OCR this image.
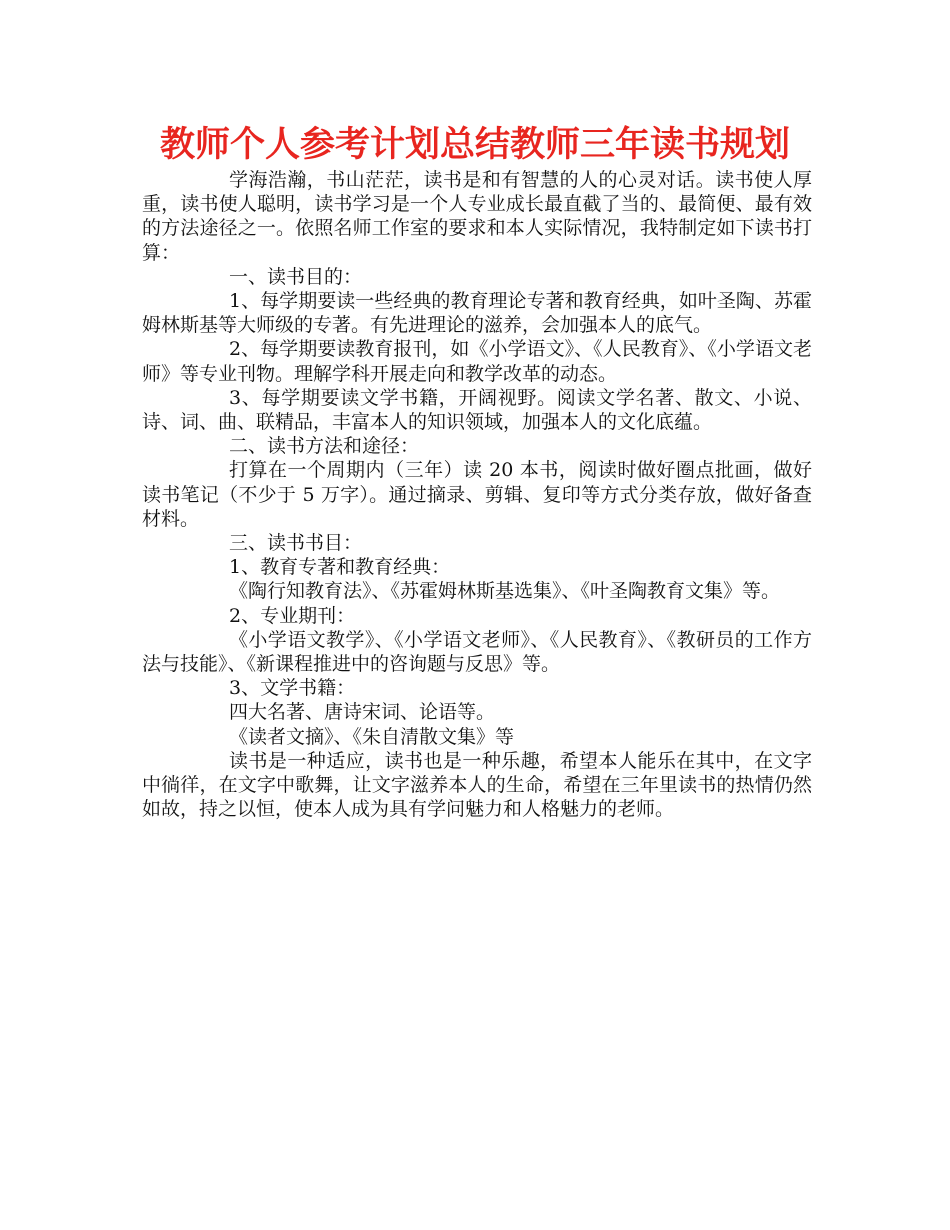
教师个人参考计划总结教师三年读书规划

学海浩瀚，书山茫茫，读书是和有智慧的人的心灵对话。读书使人厚重，读书使人聪明，读书学习是一个人专业成长最直截了当的、最简便、最有效的方法途径之一。依照名师工作室的要求和本人实际情况，我特制定如下读书打算：

一、读书目的：

1、每学期要读一些经典的教育理论专著和教育经典，如叶圣陶、苏霍姆林斯基等大师级的专著。有先进理论的滋养，会加强本人的底气。

2、每学期要读教育报刊，如《小学语文》、《人民教育》、《小学语文老师》等专业刊物。理解学科开展走向和教学改革的动态。

3、每学期要读文学书籍，开阔视野。阅读文学名著、散文、小说、诗、词、曲、联精品，丰富本人的知识领域，加强本人的文化底蕴。

二、读书方法和途径：

打算在一个周期内（三年）读 20 本书，阅读时做好圈点批画，做好读书笔记（不少于 5 万字）。通过摘录、剪辑、复印等方式分类存放，做好备查材料。

三、读书书目：

1、教育专著和教育经典：

《陶行知教育法》、《苏霍姆林斯基选集》、《叶圣陶教育文集》等。

2、专业期刊：

《小学语文教学》、《小学语文老师》、《人民教育》、《教研员的工作方法与技能》、《新课程推进中的咨询题与反思》等。

3、文学书籍：

四大名著、唐诗宋词、论语等。

《读者文摘》、《朱自清散文集》等

读书是一种适应，读书也是一种乐趣，希望本人能乐在其中，在文字中徜徉，在文字中歌舞，让文字滋养本人的生命，希望在三年里读书的热情仍然如故，持之以恒，使本人成为具有学问魅力和人格魅力的老师。
